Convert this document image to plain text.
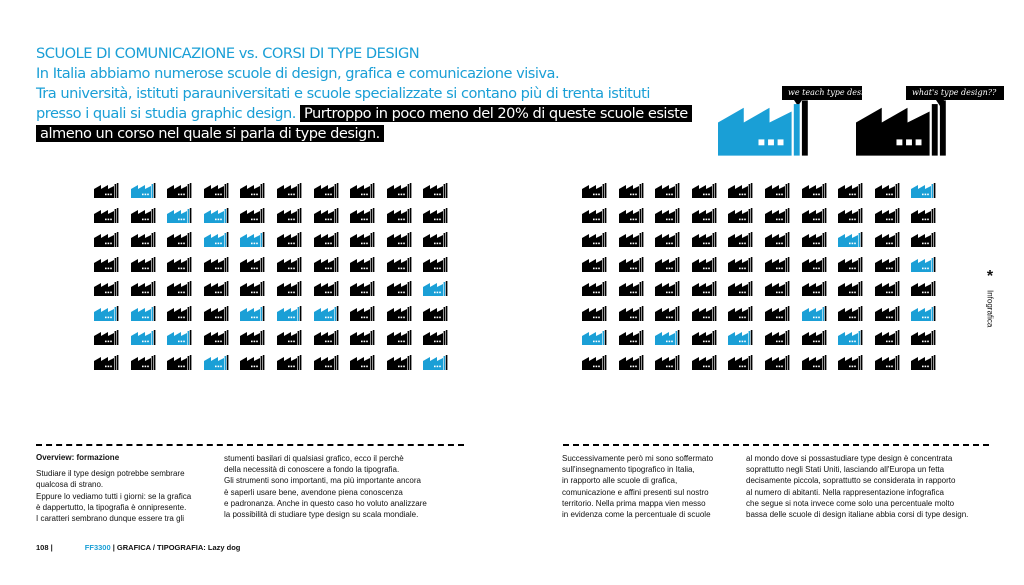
SCUOLE DI COMUNICAZIONE vs. CORSI DI TYPE DESIGN
In Italia abbiamo numerose scuole di design, grafica e comunicazione visiva.
Tra università, istituti parauniversitati e scuole specializzate si contano più di trenta istituti
presso i quali si studia graphic design. Purtroppo in poco meno del 20% di queste scuole esiste
almeno un corso nel quale si parla di type design.
we teach type design	what's type design??
*
Infografica

Overview: formazione

Studiare il type design potrebbe sembrare

qualcosa di strano.

Eppure lo vediamo tutti i giorni: se la grafica

è dappertutto, la tipografia è onnipresente.

I caratteri sembrano dunque essere tra gli

stumenti basilari di qualsiasi grafico, ecco il perchè

della necessità di conoscere a fondo la tipografia.

Gli strumenti sono importanti, ma più importante ancora

è saperli usare bene, avendone piena conoscenza

e padronanza. Anche in questo caso ho voluto analizzare

la possibilità di studiare type design su scala mondiale.

Successivamente però mi sono soffermato

sull'insegnamento tipografico in Italia,

in rapporto alle scuole di grafica,

comunicazione e affini presenti sul nostro

territorio. Nella prima mappa vien messo

in evidenza come la percentuale di scuole

al mondo dove si possastudiare type design è concentrata

soprattutto negli Stati Uniti, lasciando all'Europa un fetta

decisamente piccola, soprattutto se considerata in rapporto

al numero di abitanti. Nella rappresentazione infografica

che segue si nota invece come solo una percentuale molto

bassa delle scuole di design italiane abbia corsi di type design.

108 |	FF3300 | GRAFICA / TIPOGRAFIA: Lazy dog
